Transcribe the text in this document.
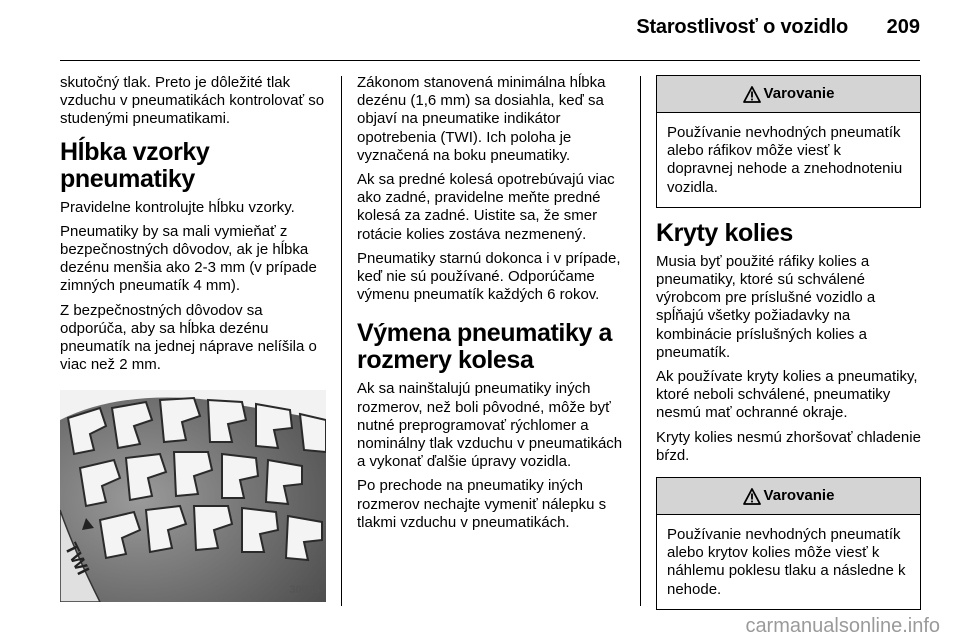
Starostlivosť o vozidlo 209

skutočný tlak. Preto je dôležité tlak vzduchu v pneumatikách kontrolovať so studenými pneumatikami.

Hĺbka vzorky pneumatiky

Pravidelne kontrolujte hĺbku vzorky.

Pneumatiky by sa mali vymieňať z bezpečnostných dôvodov, ak je hĺbka dezénu menšia ako 2-3 mm (v prípade zimných pneumatík 4 mm).

Z bezpečnostných dôvodov sa odporúča, aby sa hĺbka dezénu pneumatík na jednej náprave nelíšila o viac než 2 mm.

TWI
30055

Zákonom stanovená minimálna hĺbka dezénu (1,6 mm) sa dosiahla, keď sa objaví na pneumatike indikátor opotrebenia (TWI). Ich poloha je vyznačená na boku pneumatiky.

Ak sa predné kolesá opotrebúvajú viac ako zadné, pravidelne meňte predné kolesá za zadné. Uistite sa, že smer rotácie kolies zostáva nezmenený.

Pneumatiky starnú dokonca i v prípade, keď nie sú používané. Odporúčame výmenu pneumatík každých 6 rokov.

Výmena pneumatiky a rozmery kolesa

Ak sa nainštalujú pneumatiky iných rozmerov, než boli pôvodné, môže byť nutné preprogramovať rýchlomer a nominálny tlak vzduchu v pneumatikách a vykonať ďalšie úpravy vozidla.

Po prechode na pneumatiky iných rozmerov nechajte vymeniť nálepku s tlakmi vzduchu v pneumatikách.

Varovanie
Používanie nevhodných pneumatík alebo ráfikov môže viesť k dopravnej nehode a znehodnoteniu vozidla.
Kryty kolies

Musia byť použité ráfiky kolies a pneumatiky, ktoré sú schválené výrobcom pre príslušné vozidlo a spĺňajú všetky požiadavky na kombinácie príslušných kolies a pneumatík.

Ak používate kryty kolies a pneumatiky, ktoré neboli schválené, pneumatiky nesmú mať ochranné okraje.

Kryty kolies nesmú zhoršovať chladenie bŕzd.

Varovanie
Používanie nevhodných pneumatík alebo krytov kolies môže viesť k náhlemu poklesu tlaku a následne k nehode.
carmanualsonline.info
